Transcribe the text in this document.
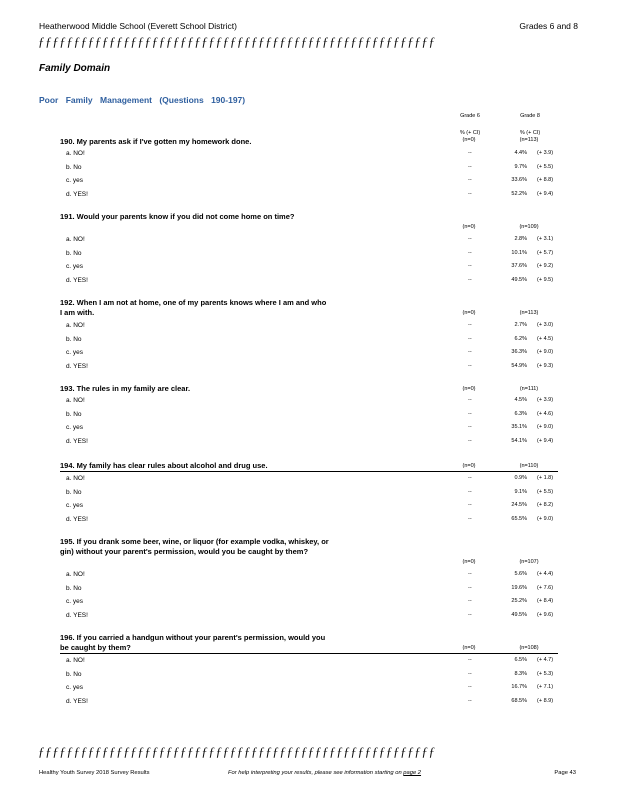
Heatherwood Middle School (Everett School District)	Grades 6 and 8
ƒƒƒƒƒƒƒƒƒƒƒƒƒƒƒƒƒƒƒƒƒƒƒƒƒƒƒƒƒƒƒƒƒƒƒƒƒƒƒƒƒƒƒƒƒƒƒƒƒƒƒƒƒƒƒƒ
Family Domain
Poor Family Management (Questions 190-197)
Grade 6	Grade 8
% (+ CI)	% (+ CI)
190. My parents ask if I've gotten my homework done.	(n=0)	(n=113)
a. NO!	--	4.4% (+ 3.9)
b. No	--	9.7% (+ 5.5)
c. yes	--	33.6% (+ 8.8)
d. YES!	--	52.2% (+ 9.4)
191. Would your parents know if you did not come home on time?
(n=0)	(n=109)
a. NO!	--	2.8% (+ 3.1)
b. No	--	10.1% (+ 5.7)
c. yes	--	37.6% (+ 9.2)
d. YES!	--	49.5% (+ 9.5)
192. When I am not at home, one of my parents knows where I am and who I am with.	(n=0)	(n=113)
a. NO!	--	2.7% (+ 3.0)
b. No	--	6.2% (+ 4.5)
c. yes	--	36.3% (+ 9.0)
d. YES!	--	54.9% (+ 9.3)
193. The rules in my family are clear.	(n=0)	(n=111)
a. NO!	--	4.5% (+ 3.9)
b. No	--	6.3% (+ 4.6)
c. yes	--	35.1% (+ 9.0)
d. YES!	--	54.1% (+ 9.4)
194. My family has clear rules about alcohol and drug use.	(n=0)	(n=110)
a. NO!	--	0.9% (+ 1.8)
b. No	--	9.1% (+ 5.5)
c. yes	--	24.5% (+ 8.2)
d. YES!	--	65.5% (+ 9.0)
195. If you drank some beer, wine, or liquor (for example vodka, whiskey, or gin) without your parent's permission, would you be caught by them?
(n=0)	(n=107)
a. NO!	--	5.6% (+ 4.4)
b. No	--	19.6% (+ 7.6)
c. yes	--	25.2% (+ 8.4)
d. YES!	--	49.5% (+ 9.6)
196. If you carried a handgun without your parent's permission, would you be caught by them?	(n=0)	(n=108)
a. NO!	--	6.5% (+ 4.7)
b. No	--	8.3% (+ 5.3)
c. yes	--	16.7% (+ 7.1)
d. YES!	--	68.5% (+ 8.9)
ƒƒƒƒƒƒƒƒƒƒƒƒƒƒƒƒƒƒƒƒƒƒƒƒƒƒƒƒƒƒƒƒƒƒƒƒƒƒƒƒƒƒƒƒƒƒƒƒƒƒƒƒƒƒƒƒ
Healthy Youth Survey 2018 Survey Results	For help interpreting your results, please see information starting on page 2	Page 43
